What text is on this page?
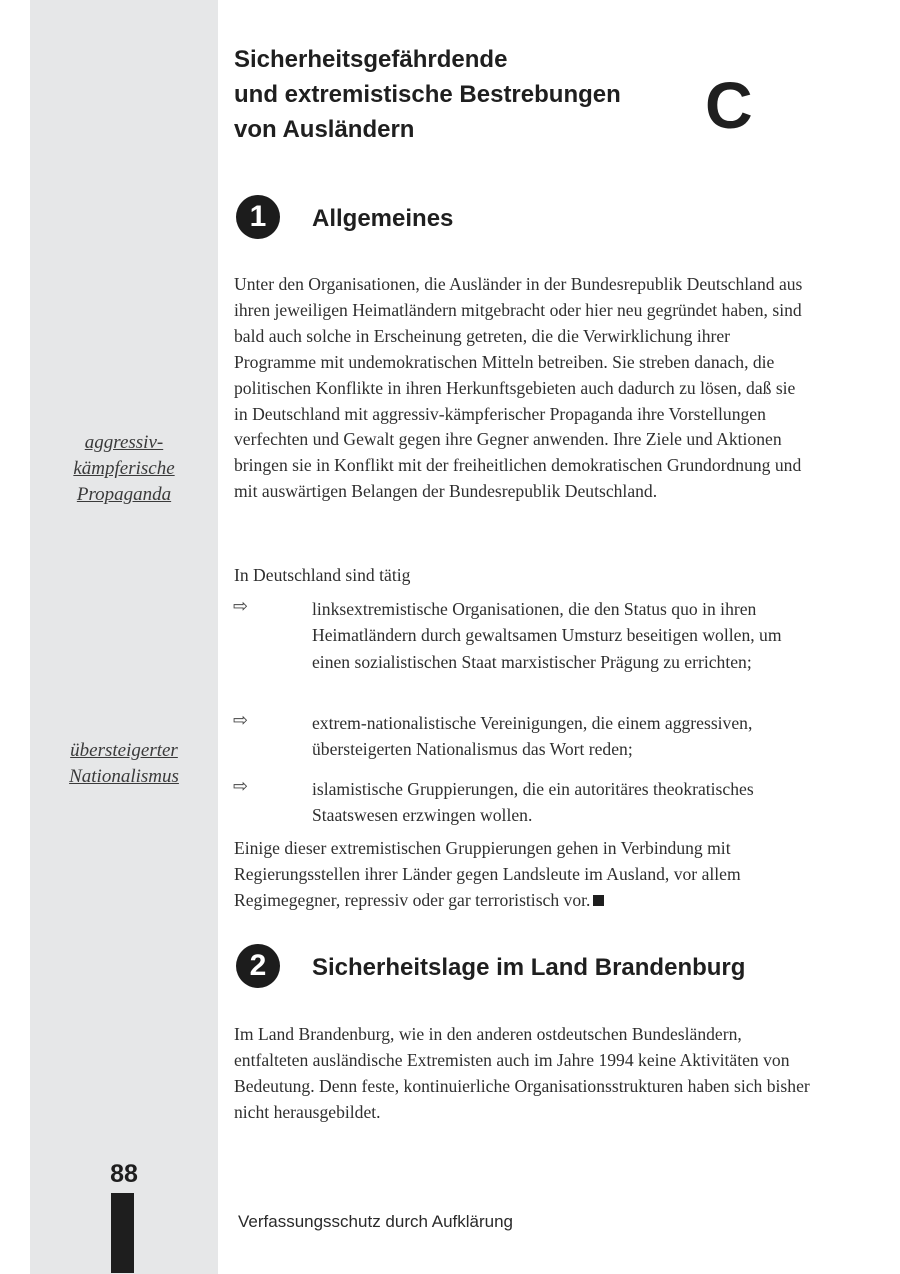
aggressiv-
kämpferische
Propaganda
übersteigerter
Nationalismus
88
Sicherheitsgefährdende
und extremistische Bestrebungen
von Ausländern	C
1	Allgemeines
Unter den Organisationen, die Ausländer in der Bundesrepublik Deutschland aus ihren jeweiligen Heimatländern mitgebracht oder hier neu gegründet haben, sind bald auch solche in Erscheinung getreten, die die Verwirklichung ihrer Programme mit undemokratischen Mitteln betreiben. Sie streben danach, die politischen Konflikte in ihren Herkunftsgebieten auch dadurch zu lösen, daß sie in Deutschland mit aggressiv-kämpferischer Propaganda ihre Vorstellungen verfechten und Gewalt gegen ihre Gegner anwenden. Ihre Ziele und Aktionen bringen sie in Konflikt mit der freiheitlichen demokratischen Grundordnung und mit auswärtigen Belangen der Bundesrepublik Deutschland.
In Deutschland sind tätig
⇨	linksextremistische Organisationen, die den Status quo in ihren Heimatländern durch gewaltsamen Umsturz beseitigen wollen, um einen sozialistischen Staat marxistischer Prägung zu errichten;
⇨	extrem-nationalistische Vereinigungen, die einem aggressiven, übersteigerten Nationalismus das Wort reden;
⇨	islamistische Gruppierungen, die ein autoritäres theokratisches Staatswesen erzwingen wollen.
Einige dieser extremistischen Gruppierungen gehen in Verbindung mit Regierungsstellen ihrer Länder gegen Landsleute im Ausland, vor allem Regimegegner, repressiv oder gar terroristisch vor.
2	Sicherheitslage im Land Brandenburg
Im Land Brandenburg, wie in den anderen ostdeutschen Bundesländern, entfalteten ausländische Extremisten auch im Jahre 1994 keine Aktivitäten von Bedeutung. Denn feste, kontinuierliche Organisationsstrukturen haben sich bisher nicht herausgebildet.
Verfassungsschutz durch Aufklärung
